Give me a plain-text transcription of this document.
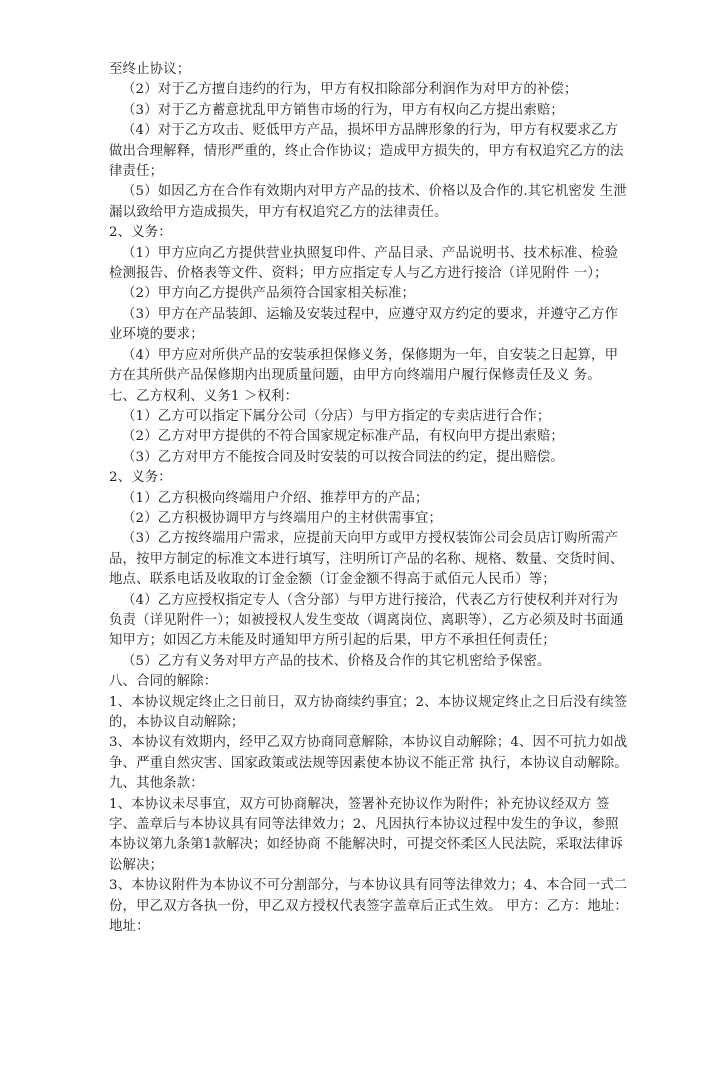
至终止协议；

（2）对于乙方擅自违约的行为，甲方有权扣除部分利润作为对甲方的补偿；

（3）对于乙方蓄意扰乱甲方销售市场的行为，甲方有权向乙方提出索赔；

（4）对于乙方攻击、贬低甲方产品，损坏甲方品牌形象的行为，甲方有权要求乙方做出合理解释，情形严重的，终止合作协议；造成甲方损失的，甲方有权追究乙方的法律责任；

（5）如因乙方在合作有效期内对甲方产品的技术、价格以及合作的.其它机密发 生泄漏以致给甲方造成损失，甲方有权追究乙方的法律责任。

2、义务：

（1）甲方应向乙方提供营业执照复印件、产品目录、产品说明书、技术标准、检验检测报告、价格表等文件、资料；甲方应指定专人与乙方进行接洽（详见附件 一）；

（2）甲方向乙方提供产品须符合国家相关标准；

（3）甲方在产品装卸、运输及安装过程中，应遵守双方约定的要求，并遵守乙方作业环境的要求；

（4）甲方应对所供产品的安装承担保修义务，保修期为一年，自安装之日起算，甲方在其所供产品保修期内出现质量问题，由甲方向终端用户履行保修责任及义 务。

七、乙方权利、义务1 ＞权利：

（1）乙方可以指定下属分公司（分店）与甲方指定的专卖店进行合作；

（2）乙方对甲方提供的不符合国家规定标准产品，有权向甲方提出索赔；

（3）乙方对甲方不能按合同及时安装的可以按合同法的约定，提出赔偿。

2、义务：

（1）乙方积极向终端用户介绍、推荐甲方的产品；

（2）乙方积极协调甲方与终端用户的主材供需事宜；

（3）乙方按终端用户需求，应提前天向甲方或甲方授权装饰公司会员店订购所需产品，按甲方制定的标准文本进行填写，注明所订产品的名称、规格、数量、交货时间、地点、联系电话及收取的订金金额（订金金额不得高于贰佰元人民币）等；

（4）乙方应授权指定专人（含分部）与甲方进行接洽，代表乙方行使权利并对行为负责（详见附件一）；如被授权人发生变故（调离岗位、离职等），乙方必须及时书面通知甲方；如因乙方未能及时通知甲方所引起的后果，甲方不承担任何责任；

（5）乙方有义务对甲方产品的技术、价格及合作的其它机密给予保密。

八、合同的解除：

1、本协议规定终止之日前日，双方协商续约事宜；2、本协议规定终止之日后没有续签的，本协议自动解除；

3、本协议有效期内，经甲乙双方协商同意解除，本协议自动解除；4、因不可抗力如战争、严重自然灾害、国家政策或法规等因素使本协议不能正常 执行，本协议自动解除。

九、其他条款：

1、本协议未尽事宜，双方可协商解决，签署补充协议作为附件；补充协议经双方 签字、盖章后与本协议具有同等法律效力；2、凡因执行本协议过程中发生的争议，参照本协议第九条第1款解决；如经协商 不能解决时，可提交怀柔区人民法院，采取法律诉讼解决；

3、本协议附件为本协议不可分割部分，与本协议具有同等法律效力；4、本合同一式二份，甲乙双方各执一份，甲乙双方授权代表签字盖章后正式生效。 甲方：乙方：地址：地址：
